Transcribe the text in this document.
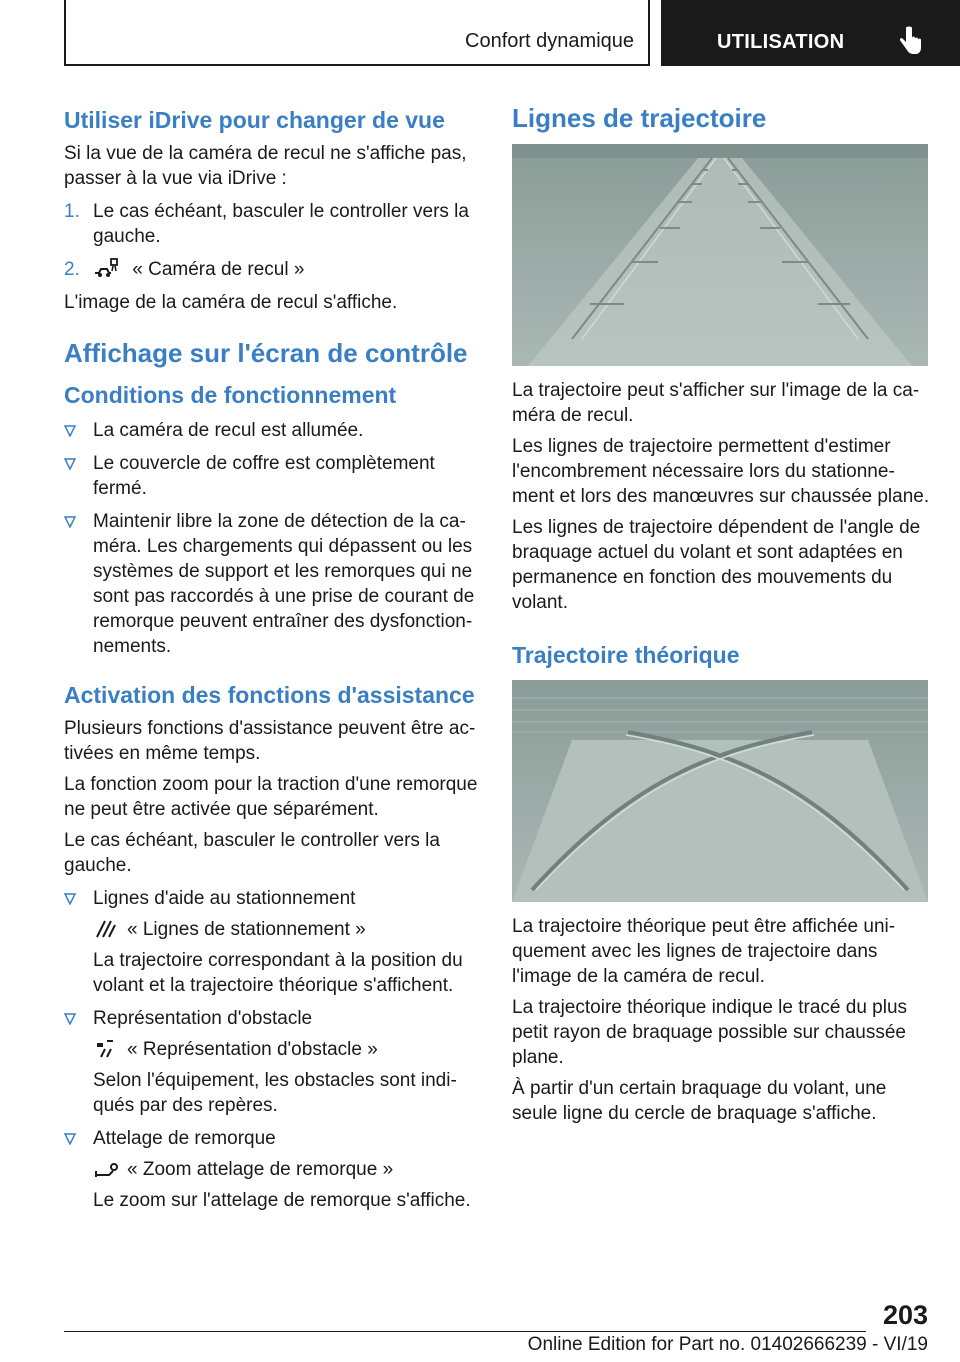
Confort dynamique	UTILISATION
Utiliser iDrive pour changer de vue
Si la vue de la caméra de recul ne s'affiche pas, passer à la vue via iDrive :
1. Le cas échéant, basculer le controller vers la gauche.
2.	« Caméra de recul »
L'image de la caméra de recul s'affiche.
Affichage sur l'écran de contrôle
Conditions de fonctionnement
La caméra de recul est allumée.
Le couvercle de coffre est complètement fermé.
Maintenir libre la zone de détection de la caméra. Les chargements qui dépassent ou les systèmes de support et les remorques qui ne sont pas raccordés à une prise de courant de remorque peuvent entraîner des dysfonctionnements.
Activation des fonctions d'assistance
Plusieurs fonctions d'assistance peuvent être activées en même temps.
La fonction zoom pour la traction d'une remorque ne peut être activée que séparément.
Le cas échéant, basculer le controller vers la gauche.
Lignes d'aide au stationnement
« Lignes de stationnement »
La trajectoire correspondant à la position du volant et la trajectoire théorique s'affichent.
Représentation d'obstacle
« Représentation d'obstacle »
Selon l'équipement, les obstacles sont indiqués par des repères.
Attelage de remorque
« Zoom attelage de remorque »
Le zoom sur l'attelage de remorque s'affiche.
Lignes de trajectoire
La trajectoire peut s'afficher sur l'image de la caméra de recul.
Les lignes de trajectoire permettent d'estimer l'encombrement nécessaire lors du stationnement et lors des manœuvres sur chaussée plane.
Les lignes de trajectoire dépendent de l'angle de braquage actuel du volant et sont adaptées en permanence en fonction des mouvements du volant.
Trajectoire théorique
La trajectoire théorique peut être affichée uniquement avec les lignes de trajectoire dans l'image de la caméra de recul.
La trajectoire théorique indique le tracé du plus petit rayon de braquage possible sur chaussée plane.
À partir d'un certain braquage du volant, une seule ligne du cercle de braquage s'affiche.
203
Online Edition for Part no. 01402666239 - VI/19
